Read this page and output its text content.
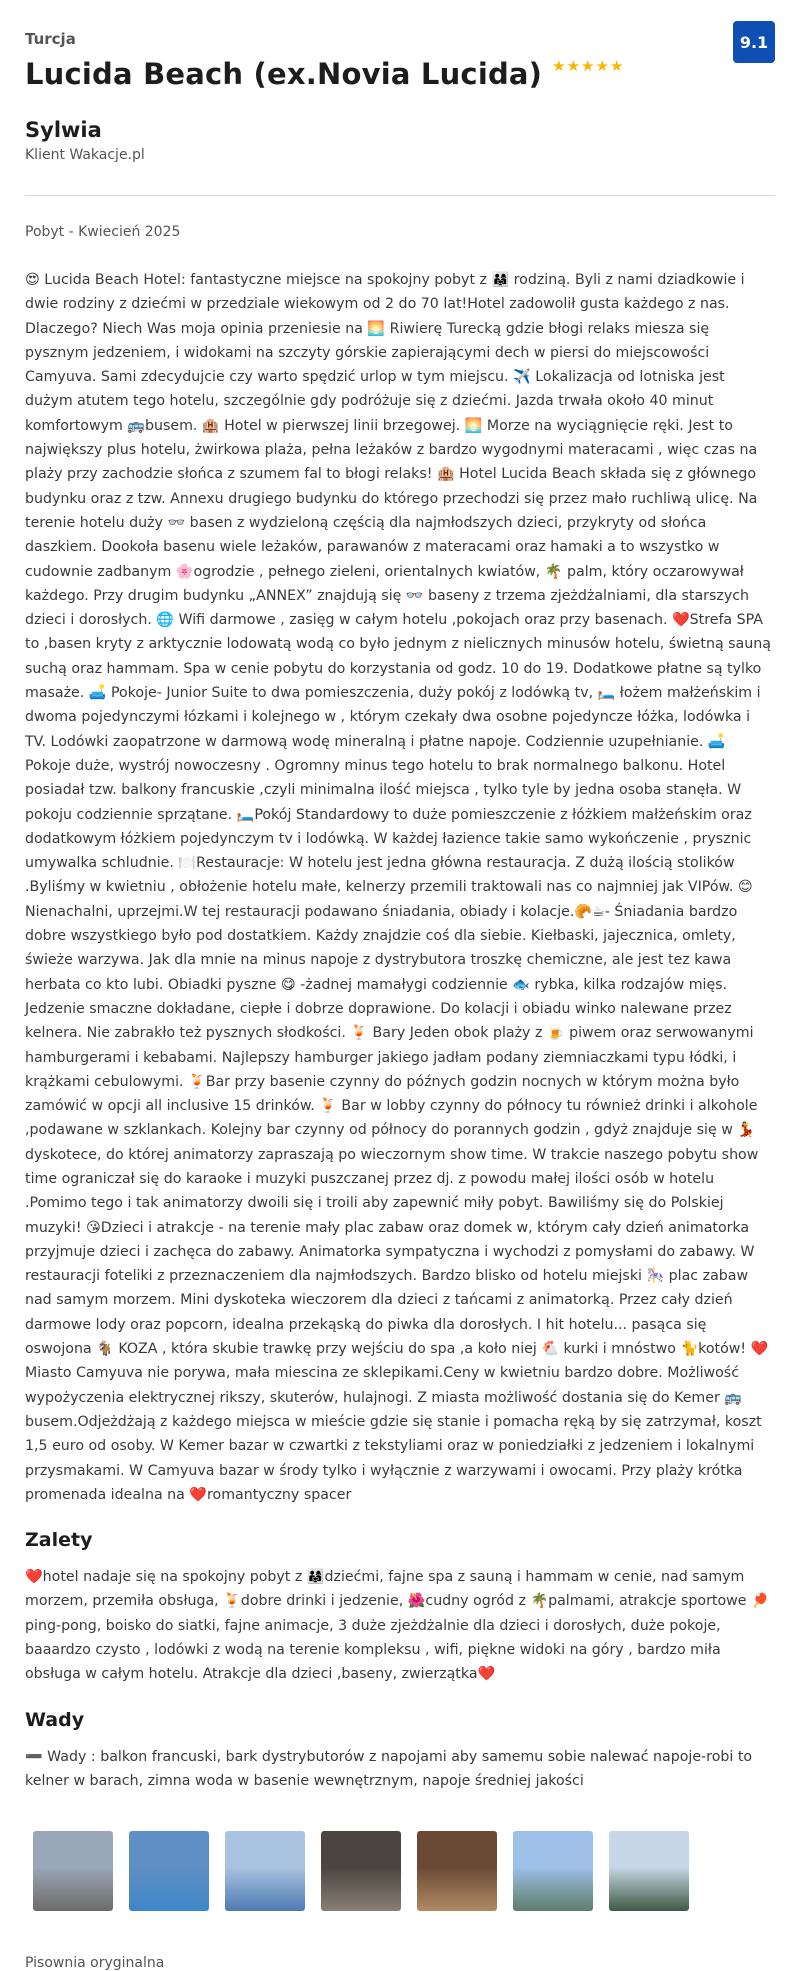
Turcja
Lucida Beach (ex.Novia Lucida) ★ ★ ★ ★ ★
9.1
Sylwia
Klient Wakacje.pl
Pobyt - Kwiecień 2025
😍 Lucida Beach Hotel: fantastyczne miejsce na spokojny pobyt z 👨‍👩‍👧 rodziną. Byli z nami dziadkowie i dwie rodziny z dziećmi w przedziale wiekowym od 2 do 70 lat!Hotel zadowolił gusta każdego z nas. Dlaczego? Niech Was moja opinia przeniesie na 🌅 Riwierę Turecką gdzie błogi relaks miesza się pysznym jedzeniem, i widokami na szczyty górskie zapierającymi dech w piersi do miejscowości Camyuva. Sami zdecydujcie czy warto spędzić urlop w tym miejscu. ✈️ Lokalizacja od lotniska jest dużym atutem tego hotelu, szczególnie gdy podróżuje się z dziećmi. Jazda trwała około 40 minut komfortowym 🚌busem. 🏨 Hotel w pierwszej linii brzegowej. 🌅 Morze na wyciągnięcie ręki. Jest to największy plus hotelu, żwirkowa plaża, pełna leżaków z bardzo wygodnymi materacami , więc czas na plaży przy zachodzie słońca z szumem fal to błogi relaks! 🏨 Hotel Lucida Beach składa się z głównego budynku oraz z tzw. Annexu drugiego budynku do którego przechodzi się przez mało ruchliwą ulicę. Na terenie hotelu duży 👓 basen z wydzieloną częścią dla najmłodszych dzieci, przykryty od słońca daszkiem. Dookoła basenu wiele leżaków, parawanów z materacami oraz hamaki a to wszystko w cudownie zadbanym 🌸ogrodzie , pełnego zieleni, orientalnych kwiatów, 🌴 palm, który oczarowywał każdego. Przy drugim budynku „ANNEX” znajdują się 👓 baseny z trzema zjeżdżalniami, dla starszych dzieci i dorosłych. 🌐 Wifi darmowe , zasięg w całym hotelu ,pokojach oraz przy basenach. ❤️Strefa SPA to ,basen kryty z arktycznie lodowatą wodą co było jednym z nielicznych minusów hotelu, świetną sauną suchą oraz hammam. Spa w cenie pobytu do korzystania od godz. 10 do 19. Dodatkowe płatne są tylko masaże. 🛋️ Pokoje- Junior Suite to dwa pomieszczenia, duży pokój z lodówką tv, 🛏️ łożem małżeńskim i dwoma pojedynczymi łózkami i kolejnego w , którym czekały dwa osobne pojedyncze łóżka, lodówka i TV. Lodówki zaopatrzone w darmową wodę mineralną i płatne napoje. Codziennie uzupełnianie. 🛋️ Pokoje duże, wystrój nowoczesny . Ogromny minus tego hotelu to brak normalnego balkonu. Hotel posiadał tzw. balkony francuskie ,czyli minimalna ilość miejsca , tylko tyle by jedna osoba stanęła. W pokoju codziennie sprzątane. 🛏️Pokój Standardowy to duże pomieszczenie z łóżkiem małżeńskim oraz dodatkowym łóżkiem pojedynczym tv i lodówką. W każdej łazience takie samo wykończenie , prysznic umywalka schludnie. 🍽️Restauracje: W hotelu jest jedna główna restauracja. Z dużą ilością stolików .Byliśmy w kwietniu , obłożenie hotelu małe, kelnerzy przemili traktowali nas co najmniej jak VIPów. 😊Nienachalni, uprzejmi.W tej restauracji podawano śniadania, obiady i kolacje.🥐☕- Śniadania bardzo dobre wszystkiego było pod dostatkiem. Każdy znajdzie coś dla siebie. Kiełbaski, jajecznica, omlety, świeże warzywa. Jak dla mnie na minus napoje z dystrybutora troszkę chemiczne, ale jest tez kawa herbata co kto lubi. Obiadki pyszne 😋 -żadnej mamałygi codziennie 🐟 rybka, kilka rodzajów mięs. Jedzenie smaczne dokładane, ciepłe i dobrze doprawione. Do kolacji i obiadu winko nalewane przez kelnera. Nie zabrakło też pysznych słodkości. 🍹 Bary Jeden obok plaży z 🍺 piwem oraz serwowanymi hamburgerami i kebabami. Najlepszy hamburger jakiego jadłam podany ziemniaczkami typu łódki, i krążkami cebulowymi. 🍹Bar przy basenie czynny do późnych godzin nocnych w którym można było zamówić w opcji all inclusive 15 drinków. 🍹 Bar w lobby czynny do północy tu również drinki i alkohole ,podawane w szklankach. Kolejny bar czynny od północy do porannych godzin , gdyż znajduje się w 💃 dyskotece, do której animatorzy zapraszają po wieczornym show time. W trakcie naszego pobytu show time ograniczał się do karaoke i muzyki puszczanej przez dj. z powodu małej ilości osób w hotelu .Pomimo tego i tak animatorzy dwoili się i troili aby zapewnić miły pobyt. Bawiliśmy się do Polskiej muzyki! 😘Dzieci i atrakcje - na terenie mały plac zabaw oraz domek w, którym cały dzień animatorka przyjmuje dzieci i zachęca do zabawy. Animatorka sympatyczna i wychodzi z pomysłami do zabawy. W restauracji foteliki z przeznaczeniem dla najmłodszych. Bardzo blisko od hotelu miejski 🎠 plac zabaw nad samym morzem. Mini dyskoteka wieczorem dla dzieci z tańcami z animatorką. Przez cały dzień darmowe lody oraz popcorn, idealna przekąską do piwka dla dorosłych. I hit hotelu... pasąca się oswojona 🐐 KOZA , która skubie trawkę przy wejściu do spa ,a koło niej 🐔 kurki i mnóstwo 🐈kotów! ❤️Miasto Camyuva nie porywa, mała miescina ze sklepikami.Ceny w kwietniu bardzo dobre. Możliwość wypożyczenia elektrycznej rikszy, skuterów, hulajnogi. Z miasta możliwość dostania się do Kemer 🚌 busem.Odjeżdżają z każdego miejsca w mieście gdzie się stanie i pomacha ręką by się zatrzymał, koszt 1,5 euro od osoby. W Kemer bazar w czwartki z tekstyliami oraz w poniedziałki z jedzeniem i lokalnymi przysmakami. W Camyuva bazar w środy tylko i wyłącznie z warzywami i owocami. Przy plaży krótka promenada idealna na ❤️romantyczny spacer
Zalety
❤️hotel nadaje się na spokojny pobyt z 👨‍👩‍👧dziećmi, fajne spa z sauną i hammam w cenie, nad samym morzem, przemiła obsługa, 🍹dobre drinki i jedzenie, 🌺cudny ogród z 🌴palmami, atrakcje sportowe 🏓 ping-pong, boisko do siatki, fajne animacje, 3 duże zjeżdżalnie dla dzieci i dorosłych, duże pokoje, baaardzo czysto , lodówki z wodą na terenie kompleksu , wifi, piękne widoki na góry , bardzo miła obsługa w całym hotelu. Atrakcje dla dzieci ,baseny, zwierzątka❤️
Wady
➖ Wady : balkon francuski, bark dystrybutorów z napojami aby samemu sobie nalewać napoje-robi to kelner w barach, zimna woda w basenie wewnętrznym, napoje średniej jakości
Pisownia oryginalna
